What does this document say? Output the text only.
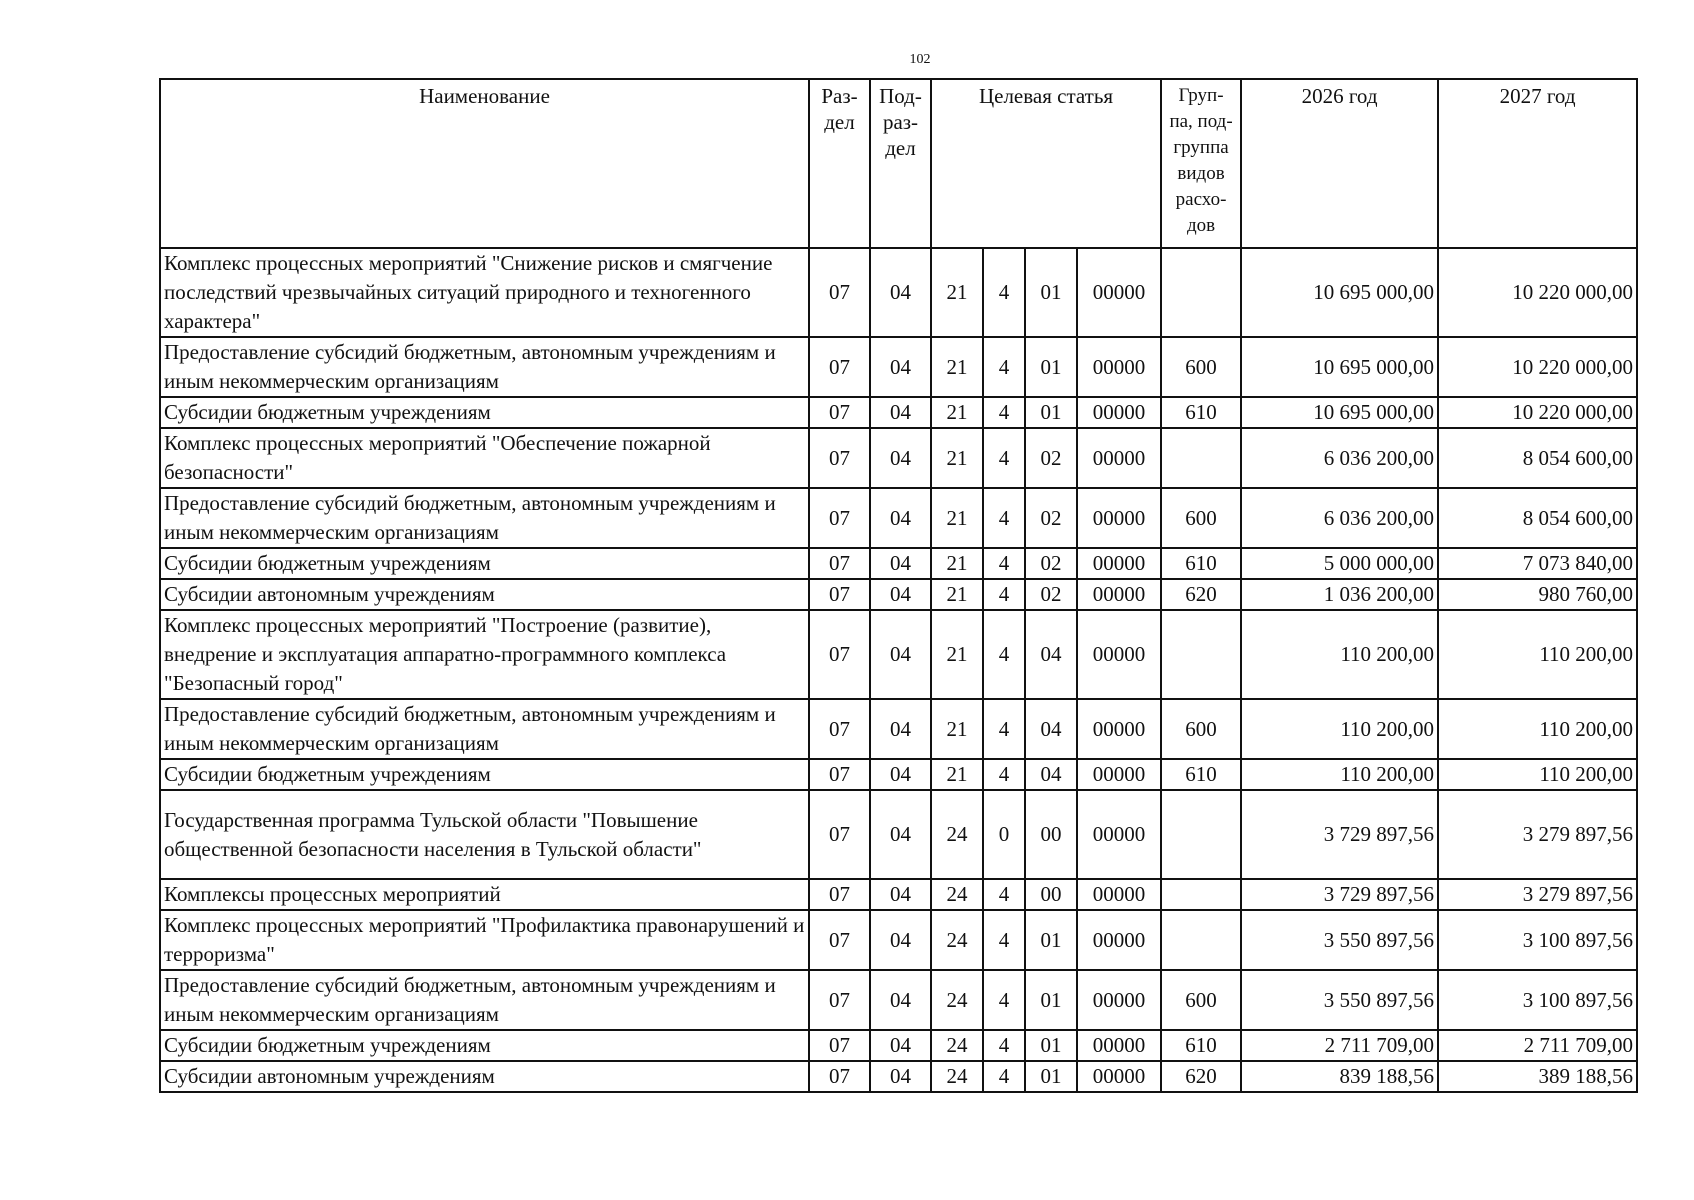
102
Наименование	Раз- дел	Под- раз- дел	Целевая статья				Груп- па, под- группа видов расхо- дов	2026 год	2027 год
Комплекс процессных мероприятий "Снижение рисков и смягчение последствий чрезвычайных ситуаций природного и техногенного характера"	07	04	21	4	01	00000		10 695 000,00	10 220 000,00
Предоставление субсидий бюджетным, автономным учреждениям и иным некоммерческим организациям	07	04	21	4	01	00000	600	10 695 000,00	10 220 000,00
Субсидии бюджетным учреждениям	07	04	21	4	01	00000	610	10 695 000,00	10 220 000,00
Комплекс процессных мероприятий "Обеспечение пожарной безопасности"	07	04	21	4	02	00000		6 036 200,00	8 054 600,00
Предоставление субсидий бюджетным, автономным учреждениям и иным некоммерческим организациям	07	04	21	4	02	00000	600	6 036 200,00	8 054 600,00
Субсидии бюджетным учреждениям	07	04	21	4	02	00000	610	5 000 000,00	7 073 840,00
Субсидии автономным учреждениям	07	04	21	4	02	00000	620	1 036 200,00	980 760,00
Комплекс процессных мероприятий "Построение (развитие), внедрение и эксплуатация аппаратно-программного комплекса "Безопасный город"	07	04	21	4	04	00000		110 200,00	110 200,00
Предоставление субсидий бюджетным, автономным учреждениям и иным некоммерческим организациям	07	04	21	4	04	00000	600	110 200,00	110 200,00
Субсидии бюджетным учреждениям	07	04	21	4	04	00000	610	110 200,00	110 200,00
Государственная программа Тульской области "Повышение общественной безопасности населения в Тульской области"	07	04	24	0	00	00000		3 729 897,56	3 279 897,56
Комплексы процессных мероприятий	07	04	24	4	00	00000		3 729 897,56	3 279 897,56
Комплекс процессных мероприятий "Профилактика правонарушений и терроризма"	07	04	24	4	01	00000		3 550 897,56	3 100 897,56
Предоставление субсидий бюджетным, автономным учреждениям и иным некоммерческим организациям	07	04	24	4	01	00000	600	3 550 897,56	3 100 897,56
Субсидии бюджетным учреждениям	07	04	24	4	01	00000	610	2 711 709,00	2 711 709,00
Субсидии автономным учреждениям	07	04	24	4	01	00000	620	839 188,56	389 188,56
